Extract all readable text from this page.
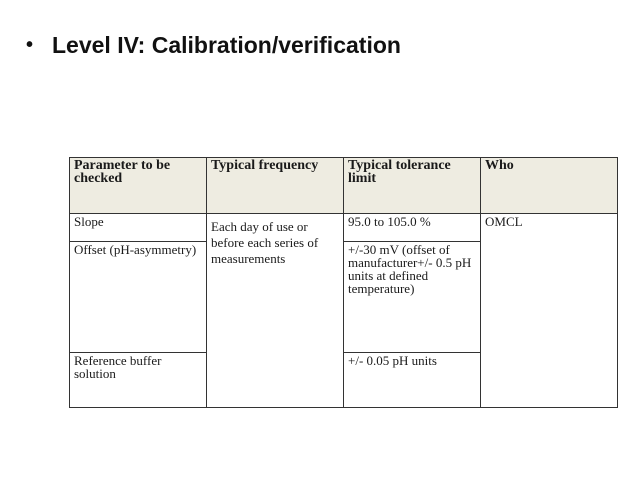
• Level IV: Calibration/verification
Parameter to be checked	Typical frequency	Typical tolerance limit	Who
Slope	Each day of use or before each series of measurements	95.0 to 105.0 %	OMCL
Offset (pH-asymmetry)		+/-30 mV (offset of manufacturer+/- 0.5 pH units at defined temperature)	
Reference buffer solution		+/- 0.05 pH units	
